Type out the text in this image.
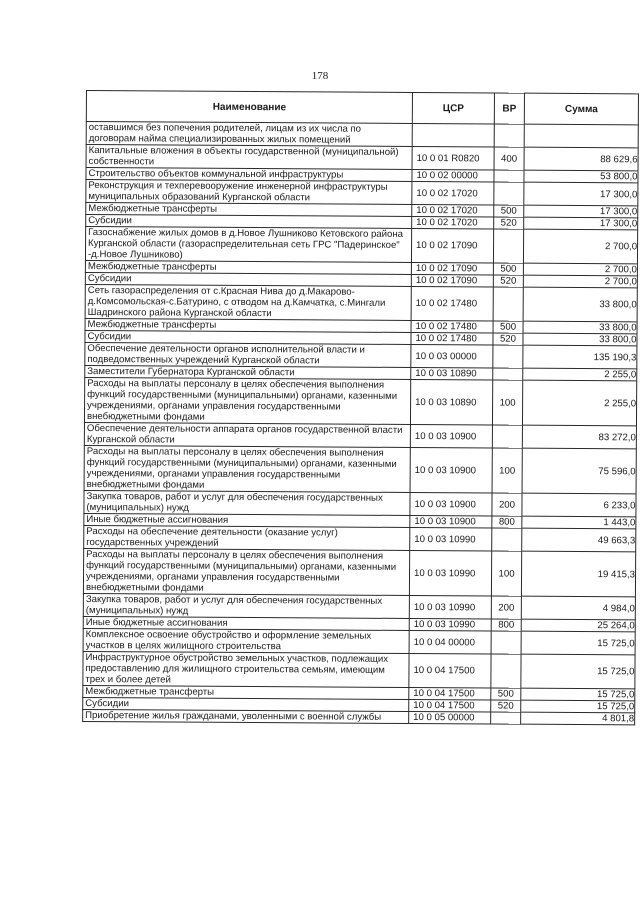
178
Наименование	ЦСР	ВР	Сумма
оставшимся без попечения родителей, лицам из их числа по договорам найма специализированных жилых помещений			
Капитальные вложения в объекты государственной (муниципальной) собственности	10 0 01 R0820	400	88 629,6
Строительство объектов коммунальной инфраструктуры	10 0 02 00000		53 800,0
Реконструкция и техперевооружение инженерной инфраструктуры муниципальных образований Курганской области	10 0 02 17020		17 300,0
Межбюджетные трансферты	10 0 02 17020	500	17 300,0
Субсидии	10 0 02 17020	520	17 300,0
Газоснабжение жилых домов в д.Новое Лушниково Кетовского района Курганской области (газораспределительная сеть ГРС "Падеринское" -д.Новое Лушниково)	10 0 02 17090		2 700,0
Межбюджетные трансферты	10 0 02 17090	500	2 700,0
Субсидии	10 0 02 17090	520	2 700,0
Сеть газораспределения от с.Красная Нива до д.Макарово-д.Комсомольская-с.Батурино, с отводом на д.Камчатка, с.Мингали Шадринского района Курганской области	10 0 02 17480		33 800,0
Межбюджетные трансферты	10 0 02 17480	500	33 800,0
Субсидии	10 0 02 17480	520	33 800,0
Обеспечение деятельности органов исполнительной власти и подведомственных учреждений Курганской области	10 0 03 00000		135 190,3
Заместители Губернатора Курганской области	10 0 03 10890		2 255,0
Расходы на выплаты персоналу в целях обеспечения выполнения функций государственными (муниципальными) органами, казенными учреждениями, органами управления государственными внебюджетными фондами	10 0 03 10890	100	2 255,0
Обеспечение деятельности аппарата органов государственной власти Курганской области	10 0 03 10900		83 272,0
Расходы на выплаты персоналу в целях обеспечения выполнения функций государственными (муниципальными) органами, казенными учреждениями, органами управления государственными внебюджетными фондами	10 0 03 10900	100	75 596,0
Закупка товаров, работ и услуг для обеспечения государственных (муниципальных) нужд	10 0 03 10900	200	6 233,0
Иные бюджетные ассигнования	10 0 03 10900	800	1 443,0
Расходы на обеспечение деятельности (оказание услуг) государственных учреждений	10 0 03 10990		49 663,3
Расходы на выплаты персоналу в целях обеспечения выполнения функций государственными (муниципальными) органами, казенными учреждениями, органами управления государственными внебюджетными фондами	10 0 03 10990	100	19 415,3
Закупка товаров, работ и услуг для обеспечения государственных (муниципальных) нужд	10 0 03 10990	200	4 984,0
Иные бюджетные ассигнования	10 0 03 10990	800	25 264,0
Комплексное освоение обустройство и оформление земельных участков в целях жилищного строительства	10 0 04 00000		15 725,0
Инфраструктурное обустройство земельных участков, подлежащих предоставлению для жилищного строительства семьям, имеющим трех и более детей	10 0 04 17500		15 725,0
Межбюджетные трансферты	10 0 04 17500	500	15 725,0
Субсидии	10 0 04 17500	520	15 725,0
Приобретение жилья гражданами, уволенными с военной службы	10 0 05 00000		4 801,8
